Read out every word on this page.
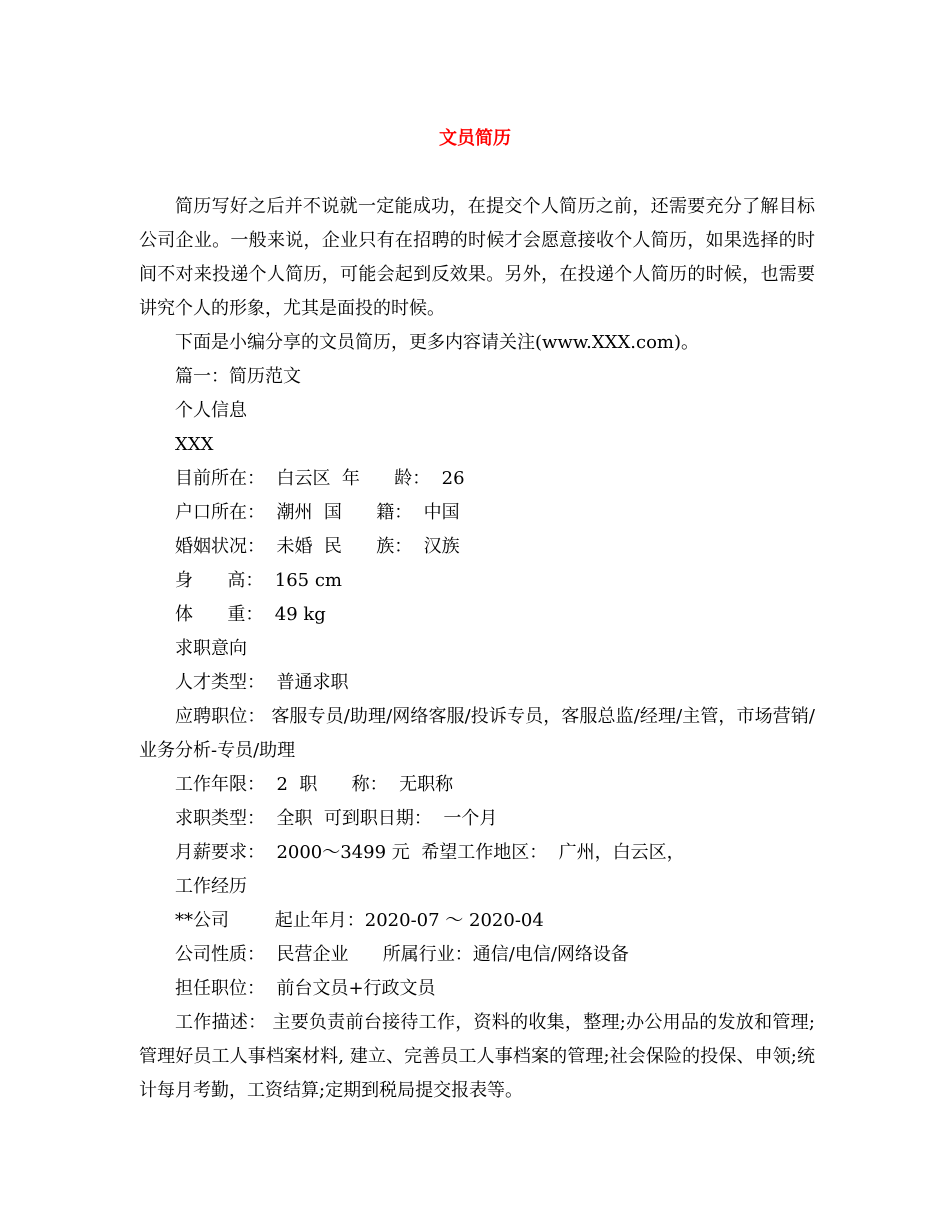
文员简历

简历写好之后并不说就一定能成功，在提交个人简历之前，还需要充分了解目标公司企业。一般来说，企业只有在招聘的时候才会愿意接收个人简历，如果选择的时间不对来投递个人简历，可能会起到反效果。另外，在投递个人简历的时候，也需要讲究个人的形象，尤其是面投的时候。

下面是小编分享的文员简历，更多内容请关注(www.XXX.com)。

篇一：简历范文

个人信息

XXX

目前所在：  白云区  年      龄：  26

户口所在：  潮州  国      籍：  中国

婚姻状况：  未婚  民      族：  汉族

身      高：  165 cm

体      重：  49 kg

求职意向

人才类型：  普通求职

应聘职位： 客服专员/助理/网络客服/投诉专员，客服总监/经理/主管，市场营销/业务分析-专员/助理

工作年限：  2  职      称：  无职称

求职类型：  全职  可到职日期：  一个月

月薪要求：  2000～3499 元  希望工作地区：  广州，白云区，

工作经历

**公司        起止年月：2020-07 ～ 2020-04

公司性质：  民营企业      所属行业：通信/电信/网络设备

担任职位：  前台文员+行政文员

工作描述： 主要负责前台接待工作，资料的收集，整理;办公用品的发放和管理;管理好员工人事档案材料, 建立、完善员工人事档案的管理;社会保险的投保、申领;统计每月考勤，工资结算;定期到税局提交报表等。
